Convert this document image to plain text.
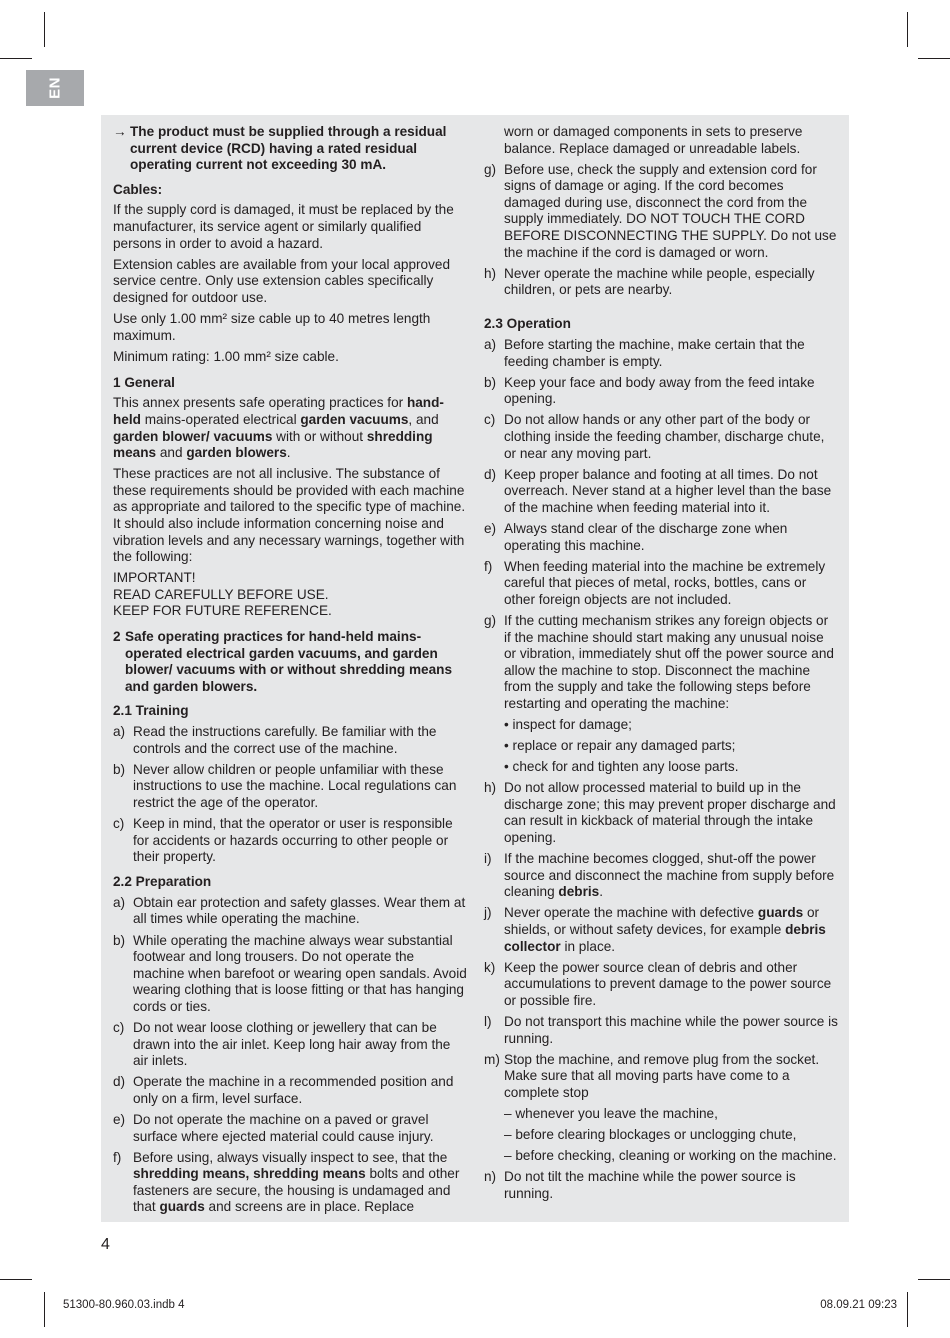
EN
→ The product must be supplied through a residual current device (RCD) having a rated residual operating current not exceeding 30 mA.
Cables:
If the supply cord is damaged, it must be replaced by the manufacturer, its service agent or similarly qualified persons in order to avoid a hazard.
Extension cables are available from your local approved service centre. Only use extension cables specifically designed for outdoor use.
Use only 1.00 mm² size cable up to 40 metres length maximum.
Minimum rating: 1.00 mm² size cable.
1 General
This annex presents safe operating practices for hand-held mains-operated electrical garden vacuums, and garden blower/ vacuums with or without shredding means and garden blowers.
These practices are not all inclusive. The substance of these requirements should be provided with each machine as appropriate and tailored to the specific type of machine. It should also include information concerning noise and vibration levels and any necessary warnings, together with the following:
IMPORTANT!
READ CAREFULLY BEFORE USE.
KEEP FOR FUTURE REFERENCE.
2 Safe operating practices for hand-held mains-operated electrical garden vacuums, and garden blower/ vacuums with or without shredding means and garden blowers.
2.1 Training
a) Read the instructions carefully. Be familiar with the controls and the correct use of the machine.
b) Never allow children or people unfamiliar with these instructions to use the machine. Local regulations can restrict the age of the operator.
c) Keep in mind, that the operator or user is responsible for accidents or hazards occurring to other people or their property.
2.2 Preparation
a) Obtain ear protection and safety glasses. Wear them at all times while operating the machine.
b) While operating the machine always wear substantial footwear and long trousers. Do not operate the machine when barefoot or wearing open sandals. Avoid wearing clothing that is loose fitting or that has hanging cords or ties.
c) Do not wear loose clothing or jewellery that can be drawn into the air inlet. Keep long hair away from the air inlets.
d) Operate the machine in a recommended position and only on a firm, level surface.
e) Do not operate the machine on a paved or gravel surface where ejected material could cause injury.
f) Before using, always visually inspect to see, that the shredding means, shredding means bolts and other fasteners are secure, the housing is undamaged and that guards and screens are in place. Replace
worn or damaged components in sets to preserve balance. Replace damaged or unreadable labels.
g) Before use, check the supply and extension cord for signs of damage or aging. If the cord becomes damaged during use, disconnect the cord from the supply immediately. DO NOT TOUCH THE CORD BEFORE DISCONNECTING THE SUPPLY. Do not use the machine if the cord is damaged or worn.
h) Never operate the machine while people, especially children, or pets are nearby.
2.3 Operation
a) Before starting the machine, make certain that the feeding chamber is empty.
b) Keep your face and body away from the feed intake opening.
c) Do not allow hands or any other part of the body or clothing inside the feeding chamber, discharge chute, or near any moving part.
d) Keep proper balance and footing at all times. Do not overreach. Never stand at a higher level than the base of the machine when feeding material into it.
e) Always stand clear of the discharge zone when operating this machine.
f) When feeding material into the machine be extremely careful that pieces of metal, rocks, bottles, cans or other foreign objects are not included.
g) If the cutting mechanism strikes any foreign objects or if the machine should start making any unusual noise or vibration, immediately shut off the power source and allow the machine to stop. Disconnect the machine from the supply and take the following steps before restarting and operating the machine:
• inspect for damage;
• replace or repair any damaged parts;
• check for and tighten any loose parts.
h) Do not allow processed material to build up in the discharge zone; this may prevent proper discharge and can result in kickback of material through the intake opening.
i) If the machine becomes clogged, shut-off the power source and disconnect the machine from supply before cleaning debris.
j) Never operate the machine with defective guards or shields, or without safety devices, for example debris collector in place.
k) Keep the power source clean of debris and other accumulations to prevent damage to the power source or possible fire.
l) Do not transport this machine while the power source is running.
m) Stop the machine, and remove plug from the socket. Make sure that all moving parts have come to a complete stop
– whenever you leave the machine,
– before clearing blockages or unclogging chute,
– before checking, cleaning or working on the machine.
n) Do not tilt the machine while the power source is running.
4
51300-80.960.03.indb 4	08.09.21 09:23
